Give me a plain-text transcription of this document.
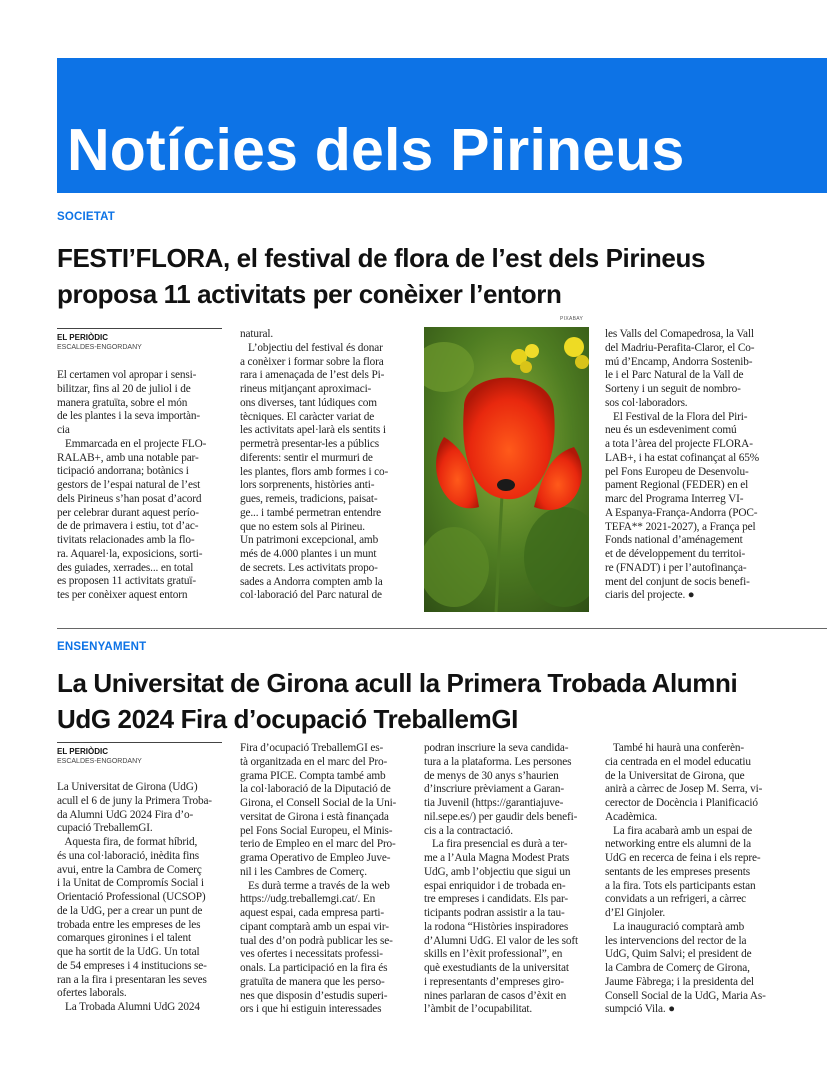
Notícies dels Pirineus
SOCIETAT
FESTI’FLORA, el festival de flora de l’est dels Pirineus
proposa 11 activitats per conèixer l’entorn
EL PERIÒDIC
ESCALDES-ENGORDANY
El certamen vol apropar i sensi-
bilitzar, fins al 20 de juliol i de
manera gratuïta, sobre el món
de les plantes i la seva importàn-
cia
Emmarcada en el projecte FLO-
RALAB+, amb una notable par-
ticipació andorrana; botànics i
gestors de l’espai natural de l’est
dels Pirineus s’han posat d’acord
per celebrar durant aquest perío-
de de primavera i estiu, tot d’ac-
tivitats relacionades amb la flo-
ra. Aquarel·la, exposicions, sorti-
des guiades, xerrades... en total
es proposen 11 activitats gratuï-
tes per conèixer aquest entorn
natural.
L’objectiu del festival és donar
a conèixer i formar sobre la flora
rara i amenaçada de l’est dels Pi-
rineus mitjançant aproximaci-
ons diverses, tant lúdiques com
tècniques. El caràcter variat de
les activitats apel·larà els sentits i
permetrà presentar-les a públics
diferents: sentir el murmuri de
les plantes, flors amb formes i co-
lors sorprenents, històries anti-
gues, remeis, tradicions, paisat-
ge... i també permetran entendre
que no estem sols al Pirineu.
Un patrimoni excepcional, amb
més de 4.000 plantes i un munt
de secrets. Les activitats propo-
sades a Andorra compten amb la
col·laboració del Parc natural de
les Valls del Comapedrosa, la Vall
del Madriu-Perafita-Claror, el Co-
mú d’Encamp, Andorra Sostenib-
le i el Parc Natural de la Vall de
Sorteny i un seguit de nombro-
sos col·laboradors.
El Festival de la Flora del Piri-
neu és un esdeveniment comú
a tota l’àrea del projecte FLORA-
LAB+, i ha estat cofinançat al 65%
pel Fons Europeu de Desenvolu-
pament Regional (FEDER) en el
marc del Programa Interreg VI-
A Espanya-França-Andorra (POC-
TEFA** 2021-2027), a França pel
Fonds national d’aménagement
et de développement du territoi-
re (FNADT) i per l’autofinança-
ment del conjunt de socis benefi-
ciaris del projecte. ●
PIXABAY
ENSENYAMENT
La Universitat de Girona acull la Primera Trobada Alumni
UdG 2024 Fira d’ocupació TreballemGI
EL PERIÒDIC
ESCALDES-ENGORDANY
La Universitat de Girona (UdG)
acull el 6 de juny la Primera Troba-
da Alumni UdG 2024 Fira d’o-
cupació TreballemGI.
Aquesta fira, de format híbrid,
és una col·laboració, inèdita fins
avui, entre la Cambra de Comerç
i la Unitat de Compromís Social i
Orientació Professional (UCSOP)
de la UdG, per a crear un punt de
trobada entre les empreses de les
comarques gironines i el talent
que ha sortit de la UdG. Un total
de 54 empreses i 4 institucions se-
ran a la fira i presentaran les seves
ofertes laborals.
La Trobada Alumni UdG 2024
Fira d’ocupació TreballemGI es-
tà organitzada en el marc del Pro-
grama PICE. Compta també amb
la col·laboració de la Diputació de
Girona, el Consell Social de la Uni-
versitat de Girona i està finançada
pel Fons Social Europeu, el Minis-
terio de Empleo en el marc del Pro-
grama Operativo de Empleo Juve-
nil i les Cambres de Comerç.
Es durà terme a través de la web
https://udg.treballemgi.cat/. En
aquest espai, cada empresa parti-
cipant comptarà amb un espai vir-
tual des d’on podrà publicar les se-
ves ofertes i necessitats professi-
onals. La participació en la fira és
gratuïta de manera que les perso-
nes que disposin d’estudis superi-
ors i que hi estiguin interessades
podran inscriure la seva candida-
tura a la plataforma. Les persones
de menys de 30 anys s’haurien
d’inscriure prèviament a Garan-
tia Juvenil (https://garantiajuve-
nil.sepe.es/) per gaudir dels benefi-
cis a la contractació.
La fira presencial es durà a ter-
me a l’Aula Magna Modest Prats
UdG, amb l’objectiu que sigui un
espai enriquidor i de trobada en-
tre empreses i candidats. Els par-
ticipants podran assistir a la tau-
la rodona “Històries inspiradores
d’Alumni UdG. El valor de les soft
skills en l’èxit professional”, en
què exestudiants de la universitat
i representants d’empreses giro-
nines parlaran de casos d’èxit en
l’àmbit de l’ocupabilitat.
També hi haurà una conferèn-
cia centrada en el model educatiu
de la Universitat de Girona, que
anirà a càrrec de Josep M. Serra, vi-
cerector de Docència i Planificació
Acadèmica.
La fira acabarà amb un espai de
networking entre els alumni de la
UdG en recerca de feina i els repre-
sentants de les empreses presents
a la fira. Tots els participants estan
convidats a un refrigeri, a càrrec
d’El Ginjoler.
La inauguració comptarà amb
les intervencions del rector de la
UdG, Quim Salvi; el president de
la Cambra de Comerç de Girona,
Jaume Fàbrega; i la presidenta del
Consell Social de la UdG, Maria As-
sumpció Vila. ●
